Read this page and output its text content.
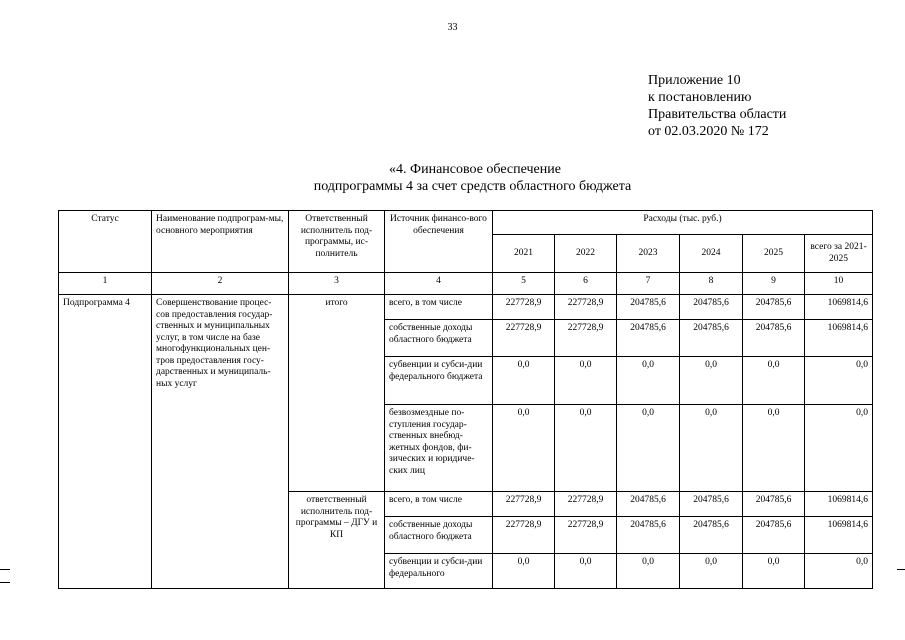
33
Приложение 10
к постановлению
Правительства области
от 02.03.2020 № 172
«4. Финансовое обеспечение
подпрограммы 4 за счет средств областного бюджета
Статус	Наименование подпрограм-мы, основного мероприятия	Ответственный исполнитель под-программы, ис-полнитель	Источник финансо-вого обеспечения	Расходы (тыс. руб.)					
				2021	2022	2023	2024	2025	всего за 2021-2025
1	2	3	4	5	6	7	8	9	10
Подпрограмма 4	Совершенствование процес-сов предоставления государ-ственных и муниципальных услуг, в том числе на базе многофункциональных цен-тров предоставления госу-дарственных и муниципаль-ных услуг	итого	всего, в том числе	227728,9	227728,9	204785,6	204785,6	204785,6	1069814,6
			собственные доходы областного бюджета	227728,9	227728,9	204785,6	204785,6	204785,6	1069814,6
			субвенции и субси-дии федерального бюджета	0,0	0,0	0,0	0,0	0,0	0,0
			безвозмездные по-ступления государ-ственных внебюд-жетных фондов, фи-зических и юридиче-ских лиц	0,0	0,0	0,0	0,0	0,0	0,0
		ответственный исполнитель под-программы – ДГУ и КП	всего, в том числе	227728,9	227728,9	204785,6	204785,6	204785,6	1069814,6
			собственные доходы областного бюджета	227728,9	227728,9	204785,6	204785,6	204785,6	1069814,6
			субвенции и субси-дии федерального	0,0	0,0	0,0	0,0	0,0	0,0
